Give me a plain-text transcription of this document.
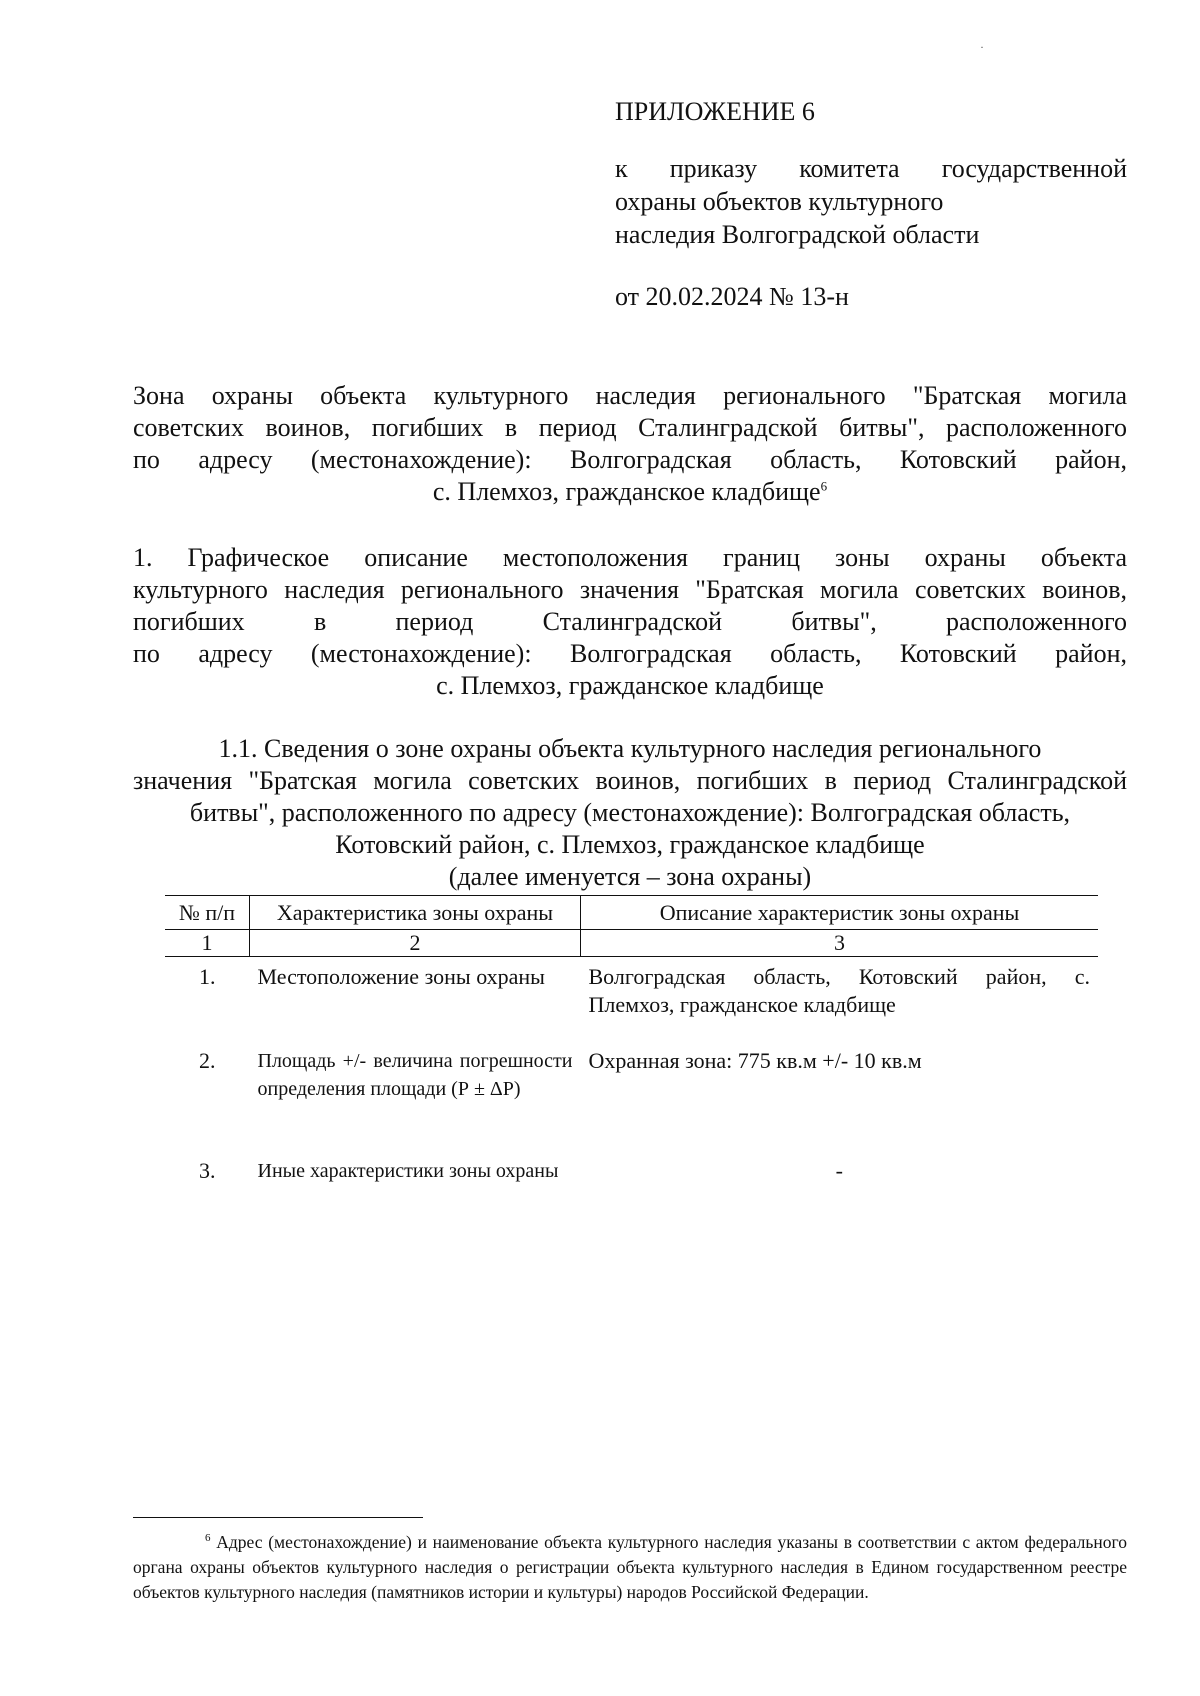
·
ПРИЛОЖЕНИЕ 6
к приказу комитета государственной
охраны объектов культурного
наследия Волгоградской области
от 20.02.2024 № 13-н
Зона охраны объекта культурного наследия регионального "Братская могила
советских воинов, погибших в период Сталинградской битвы", расположенного
по адресу (местонахождение): Волгоградская область, Котовский район,
с. Племхоз, гражданское кладбище$^6$
1. Графическое описание местоположения границ зоны охраны объекта
культурного наследия регионального значения "Братская могила советских воинов,
погибших в период Сталинградской битвы", расположенного
по адресу (местонахождение): Волгоградская область, Котовский район,
с. Племхоз, гражданское кладбище
1.1. Сведения о зоне охраны объекта культурного наследия регионального
значения "Братская могила советских воинов, погибших в период Сталинградской
битвы", расположенного по адресу (местонахождение): Волгоградская область,
Котовский район, с. Племхоз, гражданское кладбище
(далее именуется – зона охраны)
№ п/п	Характеристика зоны охраны	Описание характеристик зоны охраны
1	2	3
1.	Местоположение зоны охраны	Волгоградская область, Котовский район, с. Племхоз, гражданское кладбище
2.	Площадь +/- величина погрешности определения площади (Р ± ΔР)	Охранная зона: 775 кв.м +/- 10 кв.м
3.	Иные характеристики зоны охраны	-
$^6$ Адрес (местонахождение) и наименование объекта культурного наследия указаны в соответствии с актом федерального органа охраны объектов культурного наследия о регистрации объекта культурного наследия в Едином государственном реестре объектов культурного наследия (памятников истории и культуры) народов Российской Федерации.
